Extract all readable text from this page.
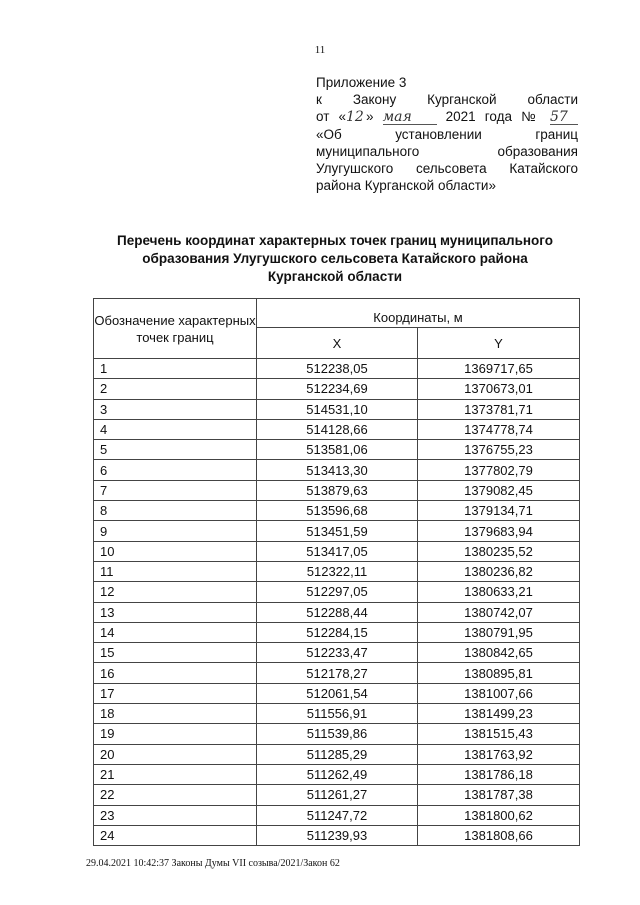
11
Приложение 3
к Закону Курганской области
от «12 » мая	2021 года № 57
«Об установлении границ
муниципального образования
Улугушского сельсовета Катайского
района Курганской области»
Перечень координат характерных точек границ муниципального
образования Улугушского сельсовета Катайского района
Курганской области
Обозначение характерных точек границ	Координаты, м	
	X	Y
1	512238,05	1369717,65
2	512234,69	1370673,01
3	514531,10	1373781,71
4	514128,66	1374778,74
5	513581,06	1376755,23
6	513413,30	1377802,79
7	513879,63	1379082,45
8	513596,68	1379134,71
9	513451,59	1379683,94
10	513417,05	1380235,52
11	512322,11	1380236,82
12	512297,05	1380633,21
13	512288,44	1380742,07
14	512284,15	1380791,95
15	512233,47	1380842,65
16	512178,27	1380895,81
17	512061,54	1381007,66
18	511556,91	1381499,23
19	511539,86	1381515,43
20	511285,29	1381763,92
21	511262,49	1381786,18
22	511261,27	1381787,38
23	511247,72	1381800,62
24	511239,93	1381808,66
29.04.2021 10:42:37 Законы Думы VII созыва/2021/Закон 62
